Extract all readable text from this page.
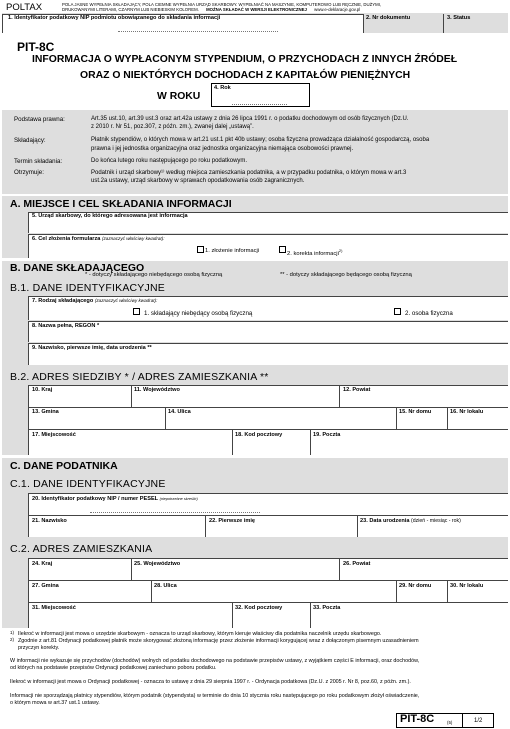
POLTAX	POLA JASNE WYPEŁNIA SKŁADAJĄCY, POLA CIEMNE WYPEŁNIA URZĄD SKARBOWY. WYPEŁNIAĆ NA MASZYNIE, KOMPUTEROWO LUB RĘCZNIE, DUŻYMI,
DRUKOWANYMI LITERAMI, CZARNYM LUB NIEBIESKIM KOLOREM. MOŻNA SKŁADAĆ W WERSJI ELEKTRONICZNEJ www.e-deklaracje.gov.pl
1. Identyfikator podatkowy NIP podmiotu obowiązanego do składania informacji	2. Nr dokumentu	3. Status
PIT-8C
INFORMACJA O WYPŁACONYM STYPENDIUM, O PRZYCHODACH Z INNYCH ŹRÓDEŁ
ORAZ O NIEKTÓRYCH DOCHODACH Z KAPITAŁÓW PIENIĘŻNYCH
W ROKU
4. Rok
Podstawa prawna:	Art.35 ust.10, art.39 ust.3 oraz art.42a ustawy z dnia 26 lipca 1991 r. o podatku dochodowym od osób fizycznych (Dz.U.
z 2010 r. Nr 51, poz.307, z późn. zm.), zwanej dalej „ustawą”.
Składający:	Płatnik stypendiów, o których mowa w art.21 ust.1 pkt 40b ustawy; osoba fizyczna prowadząca działalność gospodarczą, osoba
prawna i jej jednostka organizacyjna oraz jednostka organizacyjna niemająca osobowości prawnej.
Termin składania:	Do końca lutego roku następującego po roku podatkowym.
Otrzymuje:	Podatnik i urząd skarbowy¹⁾ według miejsca zamieszkania podatnika, a w przypadku podatnika, o którym mowa w art.3
ust.2a ustawy, urząd skarbowy w sprawach opodatkowania osób zagranicznych.
A. MIEJSCE I CEL SKŁADANIA INFORMACJI
5. Urząd skarbowy, do którego adresowana jest informacja
6. Cel złożenia formularza (zaznaczyć właściwy kwadrat):
1. złożenie informacji	2. korekta informacji$^{2)}$
B. DANE SKŁADAJĄCEGO
* - dotyczy składającego niebędącego osobą fizyczną	** - dotyczy składającego będącego osobą fizyczną
B.1. DANE IDENTYFIKACYJNE
7. Rodzaj składającego (zaznaczyć właściwy kwadrat):
1. składający niebędący osobą fizyczną	2. osoba fizyczna
8. Nazwa pełna, REGON *
9. Nazwisko, pierwsze imię, data urodzenia **
B.2. ADRES SIEDZIBY * / ADRES ZAMIESZKANIA **
10. Kraj	11. Województwo	12. Powiat
13. Gmina	14. Ulica	15. Nr domu	16. Nr lokalu
17. Miejscowość	18. Kod pocztowy	19. Poczta
C. DANE PODATNIKA
C.1. DANE IDENTYFIKACYJNE
20. Identyfikator podatkowy NIP / numer PESEL (niepotrzebne skreślić)
21. Nazwisko	22. Pierwsze imię	23. Data urodzenia (dzień - miesiąc - rok)
C.2. ADRES ZAMIESZKANIA
24. Kraj	25. Województwo	26. Powiat
27. Gmina	28. Ulica	29. Nr domu	30. Nr lokalu
31. Miejscowość	32. Kod pocztowy	33. Poczta
1) Ilekroć w informacji jest mowa o urzędzie skarbowym - oznacza to urząd skarbowy, którym kieruje właściwy dla podatnika naczelnik urzędu skarbowego.
2) Zgodnie z art.81 Ordynacji podatkowej płatnik może skorygować złożoną informację przez złożenie informacji korygującej wraz z dołączonym pisemnym uzasadnieniem
przyczyn korekty.
W informacji nie wykazuje się przychodów (dochodów) wolnych od podatku dochodowego na podstawie przepisów ustawy, z wyjątkiem części E informacji, oraz dochodów,
od których na podstawie przepisów Ordynacji podatkowej zaniechano poboru podatku.
Ilekroć w informacji jest mowa o Ordynacji podatkowej - oznacza to ustawę z dnia 29 sierpnia 1997 r. - Ordynacja podatkowa (Dz.U. z 2005 r. Nr 8, poz.60, z późn. zm.).
Informacji nie sporządzają płatnicy stypendiów, którym podatnik (stypendysta) w terminie do dnia 10 stycznia roku następującego po roku podatkowym złożył oświadczenie,
o którym mowa w art.37 ust.1 ustawy.
PIT-8C	(5)	1/2
